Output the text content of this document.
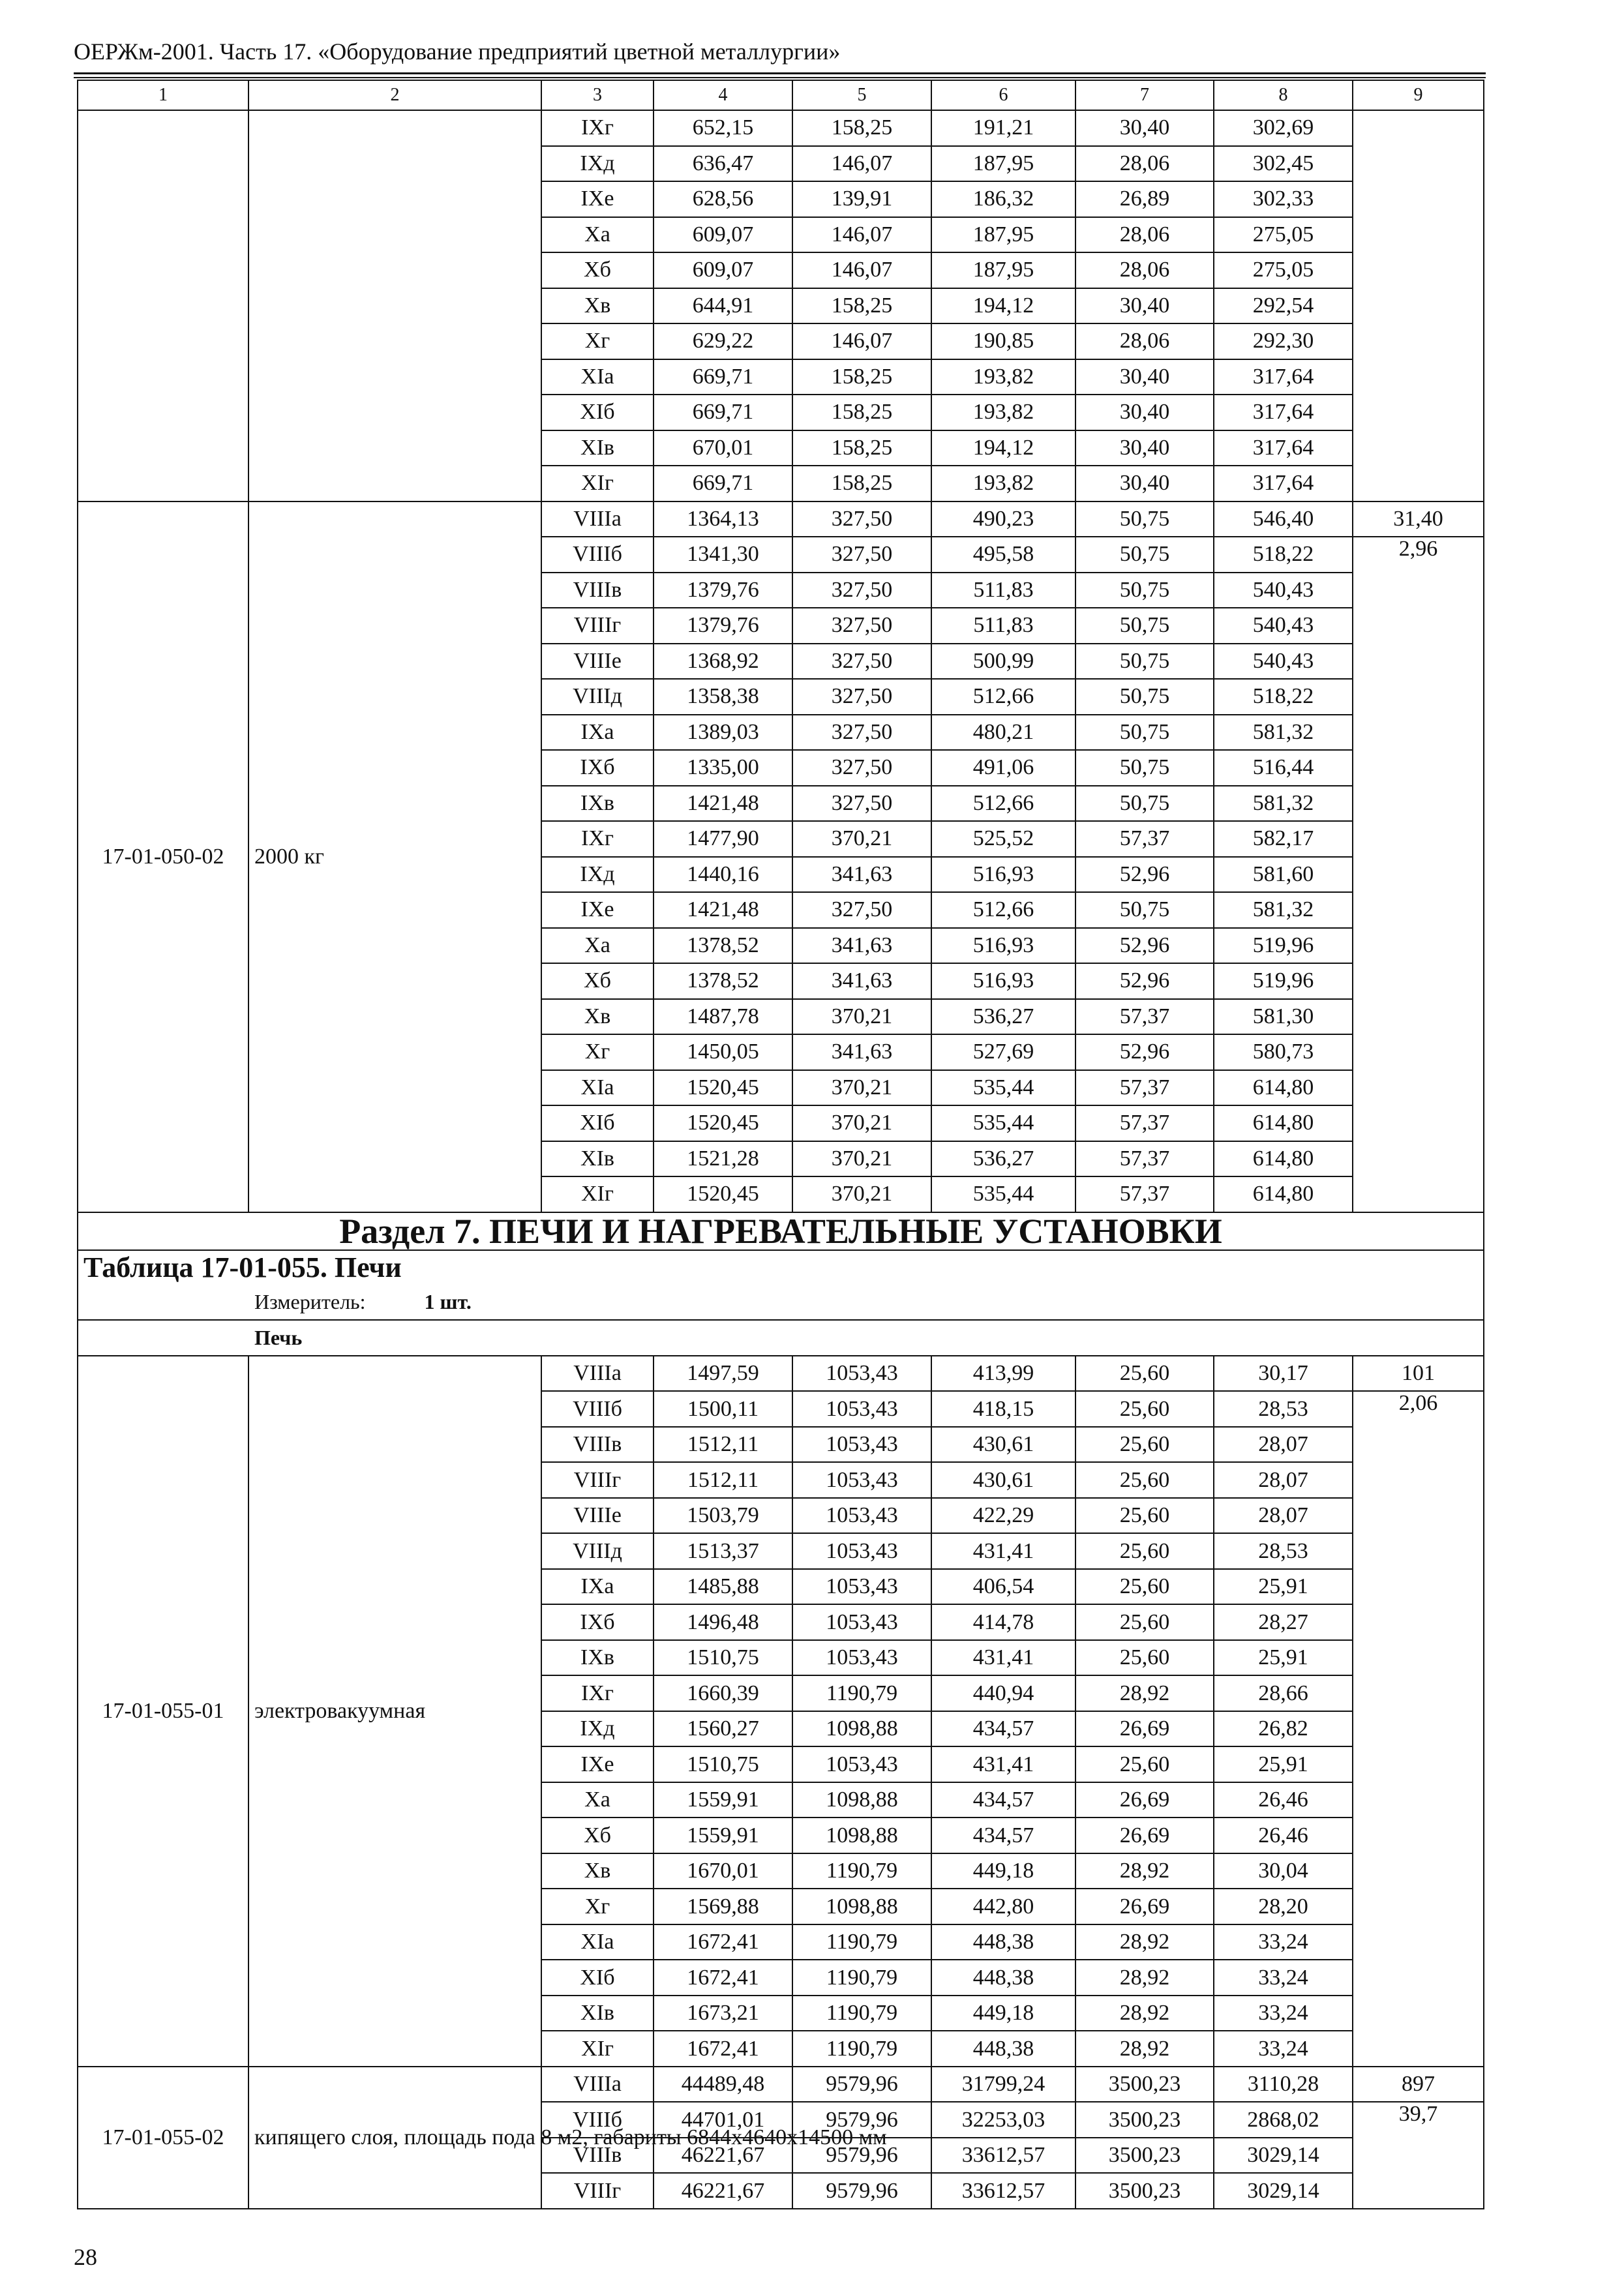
ОЕРЖм-2001. Часть 17. «Оборудование предприятий цветной металлургии»
1	2	3	4	5	6	7	8	9
		IXг	652,15	158,25	191,21	30,40	302,69	
		IXд	636,47	146,07	187,95	28,06	302,45	
		IXе	628,56	139,91	186,32	26,89	302,33	
		Xа	609,07	146,07	187,95	28,06	275,05	
		Xб	609,07	146,07	187,95	28,06	275,05	
		Xв	644,91	158,25	194,12	30,40	292,54	
		Xг	629,22	146,07	190,85	28,06	292,30	
		XIа	669,71	158,25	193,82	30,40	317,64	
		XIб	669,71	158,25	193,82	30,40	317,64	
		XIв	670,01	158,25	194,12	30,40	317,64	
		XIг	669,71	158,25	193,82	30,40	317,64	
17-01-050-02	2000 кг	VIIIа	1364,13	327,50	490,23	50,75	546,40	31,40
		VIIIб	1341,30	327,50	495,58	50,75	518,22	2,96
		VIIIв	1379,76	327,50	511,83	50,75	540,43	
		VIIIг	1379,76	327,50	511,83	50,75	540,43	
		VIIIе	1368,92	327,50	500,99	50,75	540,43	
		VIIIд	1358,38	327,50	512,66	50,75	518,22	
		IXа	1389,03	327,50	480,21	50,75	581,32	
		IXб	1335,00	327,50	491,06	50,75	516,44	
		IXв	1421,48	327,50	512,66	50,75	581,32	
		IXг	1477,90	370,21	525,52	57,37	582,17	
		IXд	1440,16	341,63	516,93	52,96	581,60	
		IXе	1421,48	327,50	512,66	50,75	581,32	
		Xа	1378,52	341,63	516,93	52,96	519,96	
		Xб	1378,52	341,63	516,93	52,96	519,96	
		Xв	1487,78	370,21	536,27	57,37	581,30	
		Xг	1450,05	341,63	527,69	52,96	580,73	
		XIа	1520,45	370,21	535,44	57,37	614,80	
		XIб	1520,45	370,21	535,44	57,37	614,80	
		XIв	1521,28	370,21	536,27	57,37	614,80	
		XIг	1520,45	370,21	535,44	57,37	614,80	
Раздел 7. ПЕЧИ И НАГРЕВАТЕЛЬНЫЕ УСТАНОВКИ								
Таблица 17-01-055. Печи								
Измеритель: 1 шт.								
Печь								
17-01-055-01	электровакуумная	VIIIа	1497,59	1053,43	413,99	25,60	30,17	101
		VIIIб	1500,11	1053,43	418,15	25,60	28,53	2,06
		VIIIв	1512,11	1053,43	430,61	25,60	28,07	
		VIIIг	1512,11	1053,43	430,61	25,60	28,07	
		VIIIе	1503,79	1053,43	422,29	25,60	28,07	
		VIIIд	1513,37	1053,43	431,41	25,60	28,53	
		IXа	1485,88	1053,43	406,54	25,60	25,91	
		IXб	1496,48	1053,43	414,78	25,60	28,27	
		IXв	1510,75	1053,43	431,41	25,60	25,91	
		IXг	1660,39	1190,79	440,94	28,92	28,66	
		IXд	1560,27	1098,88	434,57	26,69	26,82	
		IXе	1510,75	1053,43	431,41	25,60	25,91	
		Xа	1559,91	1098,88	434,57	26,69	26,46	
		Xб	1559,91	1098,88	434,57	26,69	26,46	
		Xв	1670,01	1190,79	449,18	28,92	30,04	
		Xг	1569,88	1098,88	442,80	26,69	28,20	
		XIа	1672,41	1190,79	448,38	28,92	33,24	
		XIб	1672,41	1190,79	448,38	28,92	33,24	
		XIв	1673,21	1190,79	449,18	28,92	33,24	
		XIг	1672,41	1190,79	448,38	28,92	33,24	
17-01-055-02	кипящего слоя, площадь пода 8 м2, габариты 6844х4640х14500 мм	VIIIа	44489,48	9579,96	31799,24	3500,23	3110,28	897
		VIIIб	44701,01	9579,96	32253,03	3500,23	2868,02	39,7
		VIIIв	46221,67	9579,96	33612,57	3500,23	3029,14	
		VIIIг	46221,67	9579,96	33612,57	3500,23	3029,14	
28
